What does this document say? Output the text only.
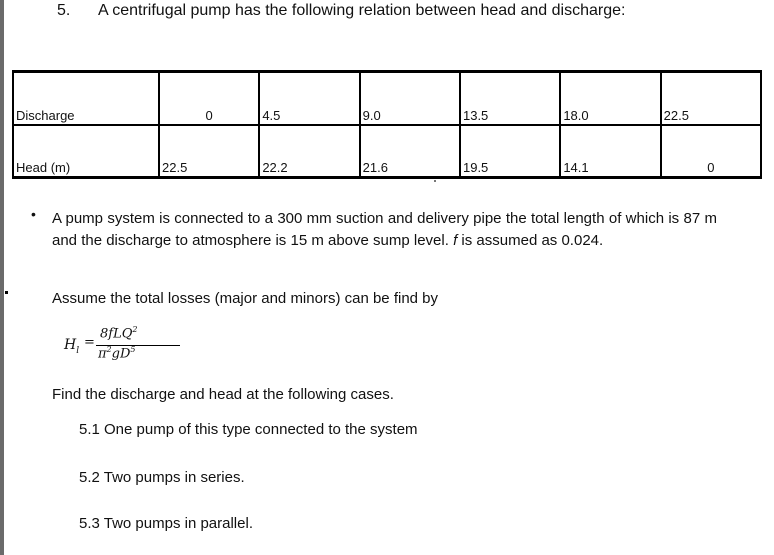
5. A centrifugal pump has the following relation between head and discharge:
Discharge	0	4.5	9.0	13.5	18.0	22.5
Head (m)	22.5	22.2	21.6	19.5	14.1	0
• A pump system is connected to a 300 mm suction and delivery pipe the total length of which is 87 m and the discharge to atmosphere is 15 m above sump level. f is assumed as 0.024.
Assume the total losses (major and minors) can be find by
$H_l$
=
8fLQ$^2$
$\pi^2gD^5$
Find the discharge and head at the following cases.
5.1 One pump of this type connected to the system
5.2 Two pumps in series.
5.3 Two pumps in parallel.
